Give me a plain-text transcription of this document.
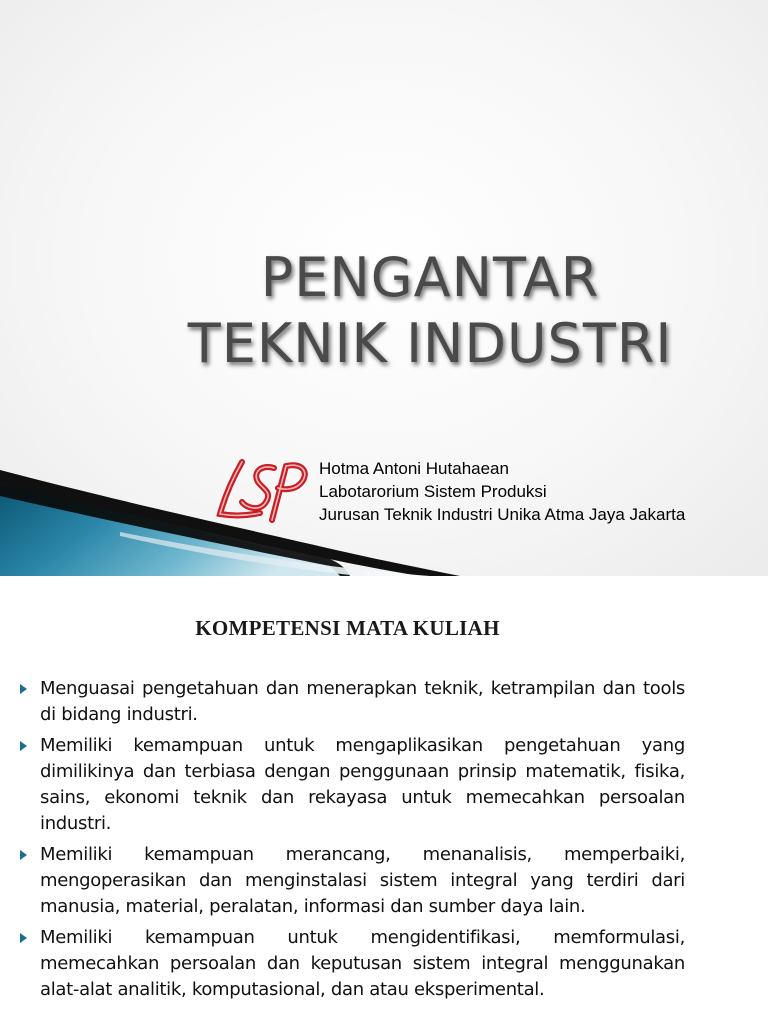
PENGANTAR
TEKNIK INDUSTRI
Hotma Antoni Hutahaean
Labotarorium Sistem Produksi
Jurusan Teknik Industri Unika Atma Jaya Jakarta
KOMPETENSI MATA KULIAH
Menguasai pengetahuan dan menerapkan teknik, ketrampilan dan tools di bidang industri.
Memiliki kemampuan untuk mengaplikasikan pengetahuan yang dimilikinya dan terbiasa dengan penggunaan prinsip matematik, fisika, sains, ekonomi teknik dan rekayasa untuk memecahkan persoalan industri.
Memiliki kemampuan merancang, menanalisis, memperbaiki, mengoperasikan dan menginstalasi sistem integral yang terdiri dari manusia, material, peralatan, informasi dan sumber daya lain.
Memiliki kemampuan untuk mengidentifikasi, memformulasi, memecahkan persoalan dan keputusan sistem integral menggunakan alat-alat analitik, komputasional, dan atau eksperimental.
